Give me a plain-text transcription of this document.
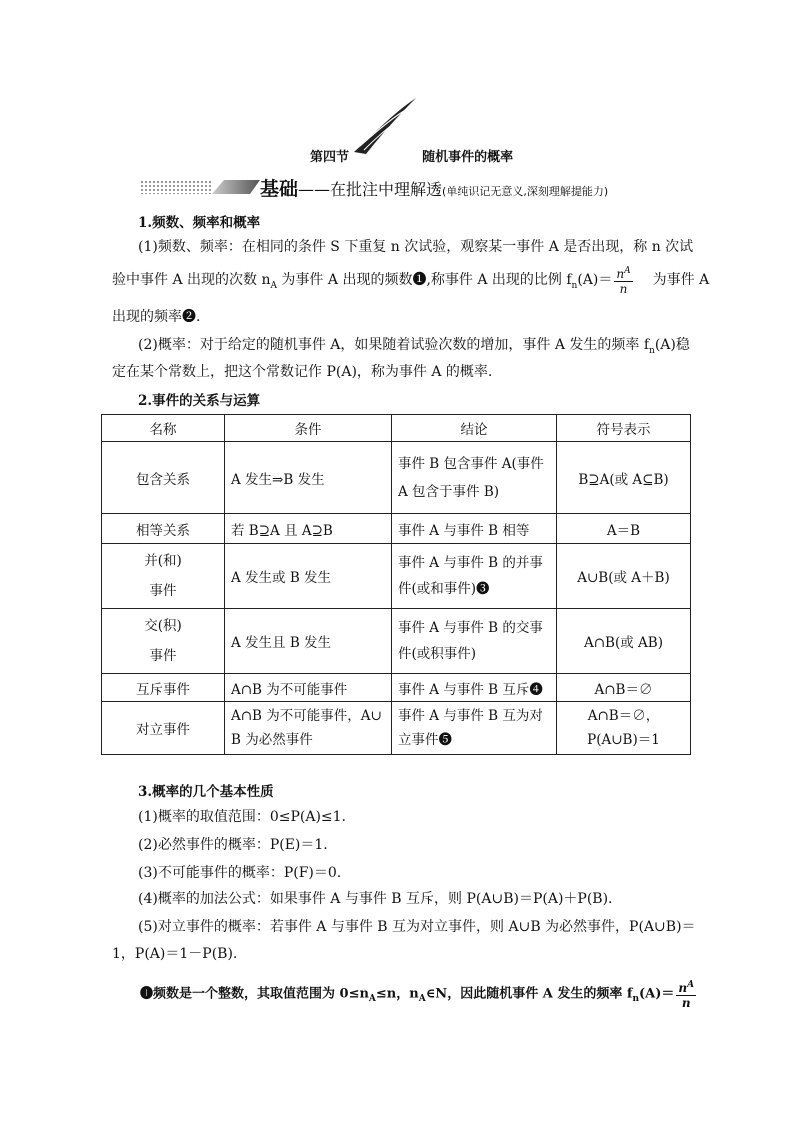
第四节	随机事件的概率
基础——在批注中理解透(单纯识记无意义,深刻理解提能力)
1.频数、频率和概率
(1)频数、频率：在相同的条件 S 下重复 n 次试验，观察某一事件 A 是否出现，称 n 次试
验中事件 A 出现的次数 $n_A$ 为事件 A 出现的频数❶,称事件 A 出现的比例 $f_n(A)= \frac{n^A}{n}$ 为事件 A
出现的频率❷.
(2)概率：对于给定的随机事件 A，如果随着试验次数的增加，事件 A 发生的频率 $f_n(A)$稳
定在某个常数上，把这个常数记作 P(A)，称为事件 A 的概率.
2.事件的关系与运算
名称	条件	结论	符号表示
包含关系	A 发生⇒B 发生	事件 B 包含事件 A(事件
A 包含于事件 B)	B⊇A(或 A⊆B)
相等关系	若 B⊇A 且 A⊇B	事件 A 与事件 B 相等	A＝B
并(和)
事件	A 发生或 B 发生	事件 A 与事件 B 的并事
件(或和事件)❸	A∪B(或 A＋B)
交(积)
事件	A 发生且 B 发生	事件 A 与事件 B 的交事
件(或积事件)	A∩B(或 AB)
互斥事件	A∩B 为不可能事件	事件 A 与事件 B 互斥❹	A∩B＝∅
对立事件	A∩B 为不可能事件，A∪
B 为必然事件	事件 A 与事件 B 互为对
立事件❺	A∩B＝∅，
P(A∪B)＝1
3.概率的几个基本性质
(1)概率的取值范围：0≤P(A)≤1.
(2)必然事件的概率：P(E)＝1.
(3)不可能事件的概率：P(F)＝0.
(4)概率的加法公式：如果事件 A 与事件 B 互斥，则 P(A∪B)＝P(A)＋P(B).
(5)对立事件的概率：若事件 A 与事件 B 互为对立事件，则 A∪B 为必然事件，P(A∪B)＝
1，P(A)＝1－P(B).
❶频数是一个整数，其取值范围为 $0\le n_A\le n$，$n_A\in N$，因此随机事件 A 发生的频率 $f_n(A)= \frac{n^A}{n}$
